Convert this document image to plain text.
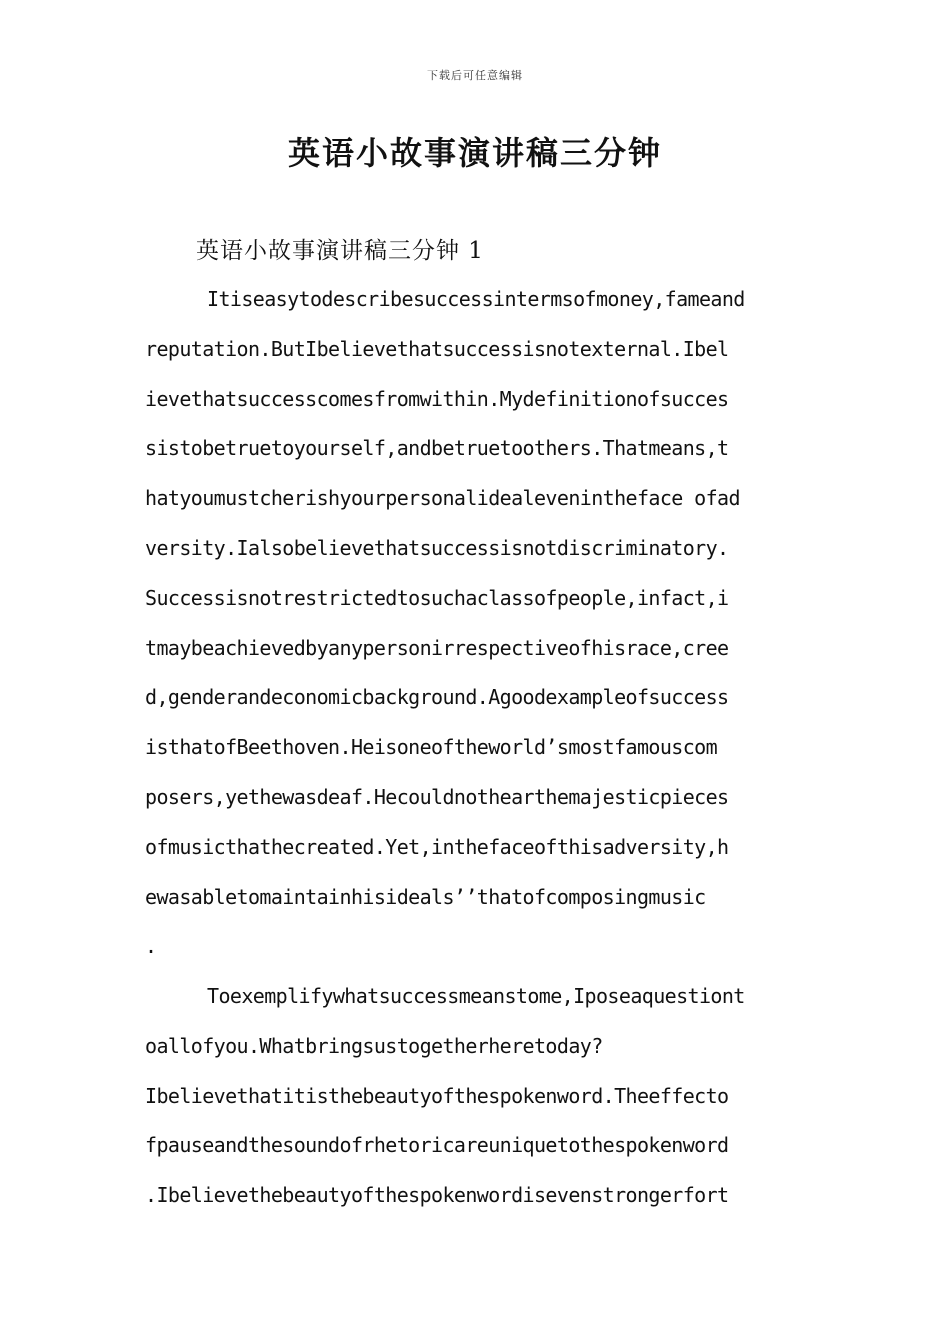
下载后可任意编辑
英语小故事演讲稿三分钟
英语小故事演讲稿三分钟 1
Itiseasytodescribesuccessintermsofmoney,fameand
reputation.ButIbelievethatsuccessisnotexternal.Ibel
ievethatsuccesscomesfromwithin.Mydefinitionofsucces
sistobetruetoyourself,andbetruetoothers.Thatmeans,t
hatyoumustcherishyourpersonalidealevenintheface ofad
versity.Ialsobelievethatsuccessisnotdiscriminatory.
Successisnotrestrictedtosuchaclassofpeople,infact,i
tmaybeachievedbyanypersonirrespectiveofhisrace,cree
d,genderandeconomicbackground.Agoodexampleofsuccess
isthatofBeethoven.Heisoneoftheworld’smostfamouscom
posers,yethewasdeaf.Hecouldnothearthemajesticpieces
ofmusicthathecreated.Yet,inthefaceofthisadversity,h
ewasabletomaintainhisideals’’thatofcomposingmusic
.
Toexemplifywhatsuccessmeanstome,Iposeaquestiont
oallofyou.Whatbringsustogetherheretoday?
Ibelievethatitisthebeautyofthespokenword.Theeffecto
fpauseandthesoundofrhetoricareuniquetothespokenword
.Ibelievethebeautyofthespokenwordisevenstrongerfort
